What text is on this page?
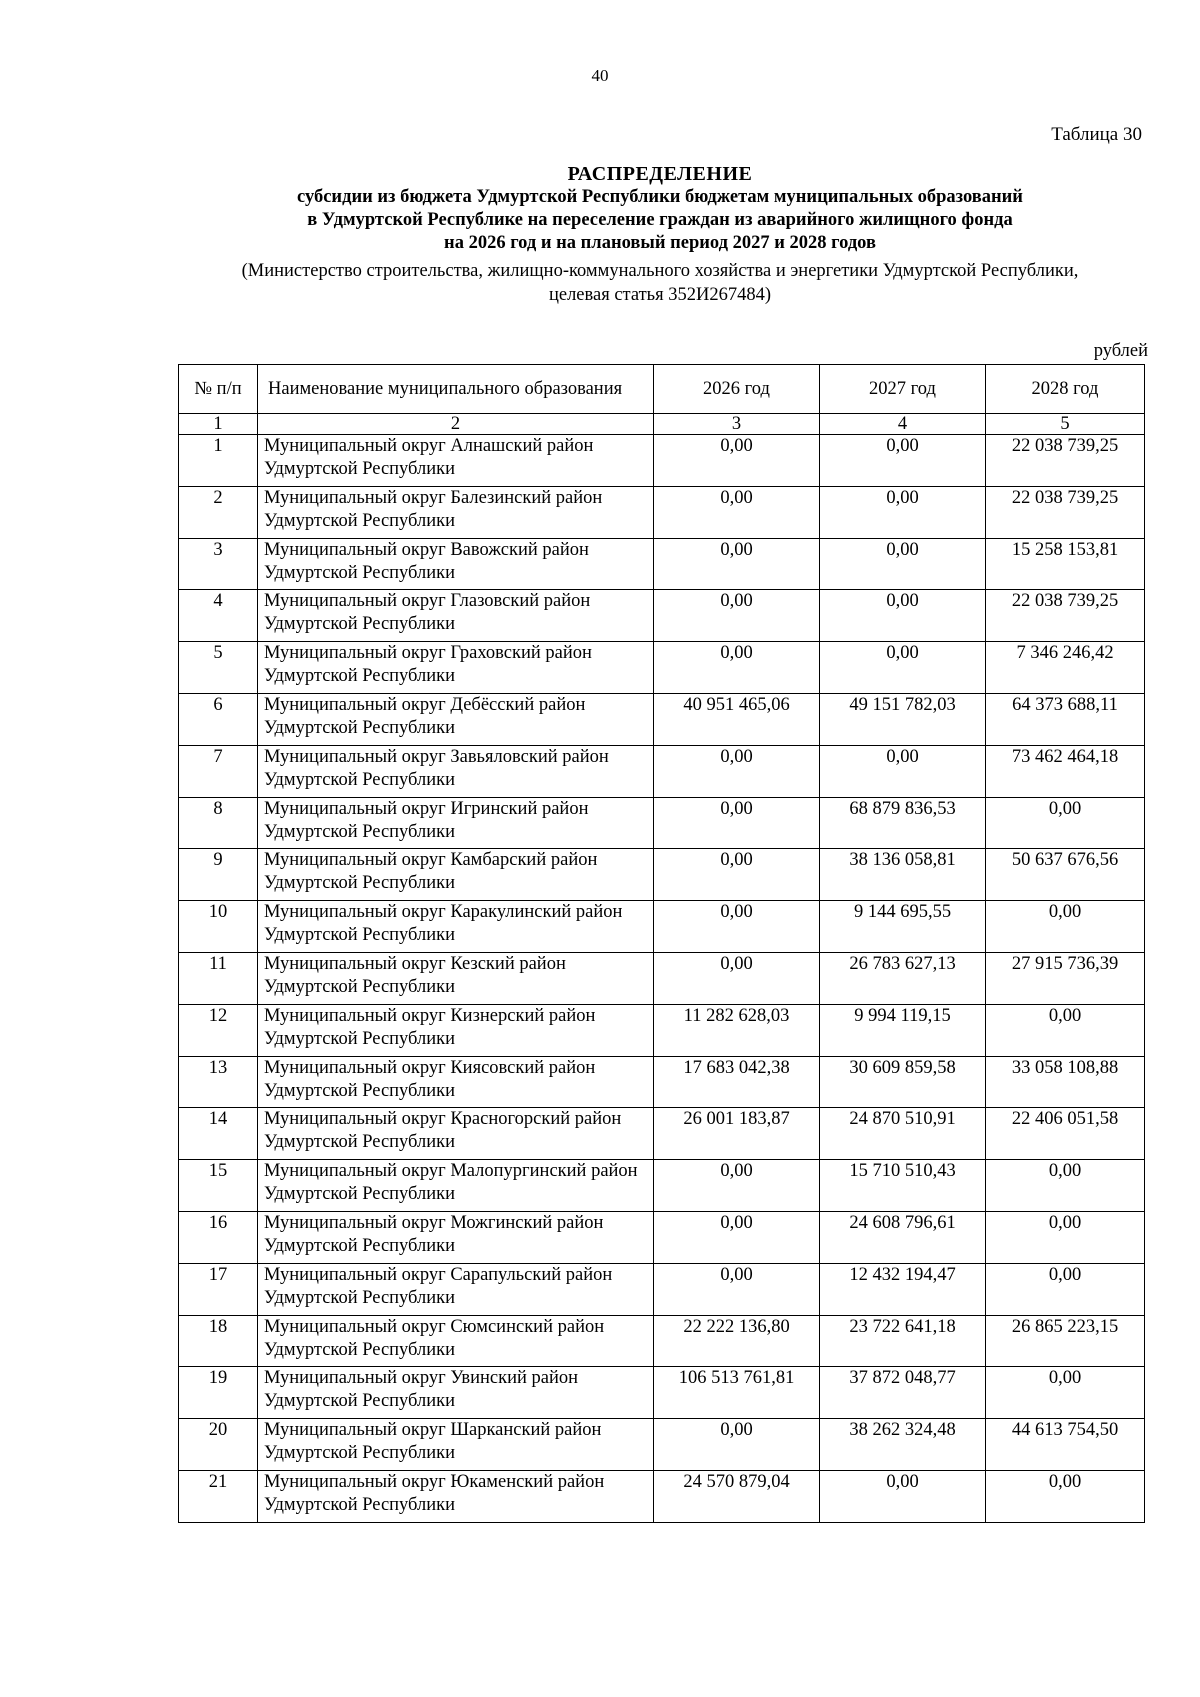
40
Таблица 30
РАСПРЕДЕЛЕНИЕ
субсидии из бюджета Удмуртской Республики бюджетам муниципальных образований
в Удмуртской Республике на переселение граждан из аварийного жилищного фонда
на 2026 год и на плановый период 2027 и 2028 годов
(Министерство строительства, жилищно-коммунального хозяйства и энергетики Удмуртской Республики,
целевая статья 352И267484)
рублей
№ п/п	Наименование муниципального образования	2026 год	2027 год	2028 год
1	2	3	4	5
1	Муниципальный округ Алнашский район Удмуртской Республики	0,00	0,00	22 038 739,25
2	Муниципальный округ Балезинский район Удмуртской Республики	0,00	0,00	22 038 739,25
3	Муниципальный округ Вавожский район Удмуртской Республики	0,00	0,00	15 258 153,81
4	Муниципальный округ Глазовский район Удмуртской Республики	0,00	0,00	22 038 739,25
5	Муниципальный округ Граховский район Удмуртской Республики	0,00	0,00	7 346 246,42
6	Муниципальный округ Дебёсский район Удмуртской Республики	40 951 465,06	49 151 782,03	64 373 688,11
7	Муниципальный округ Завьяловский район Удмуртской Республики	0,00	0,00	73 462 464,18
8	Муниципальный округ Игринский район Удмуртской Республики	0,00	68 879 836,53	0,00
9	Муниципальный округ Камбарский район Удмуртской Республики	0,00	38 136 058,81	50 637 676,56
10	Муниципальный округ Каракулинский район Удмуртской Республики	0,00	9 144 695,55	0,00
11	Муниципальный округ Кезский район Удмуртской Республики	0,00	26 783 627,13	27 915 736,39
12	Муниципальный округ Кизнерский район Удмуртской Республики	11 282 628,03	9 994 119,15	0,00
13	Муниципальный округ Киясовский район Удмуртской Республики	17 683 042,38	30 609 859,58	33 058 108,88
14	Муниципальный округ Красногорский район Удмуртской Республики	26 001 183,87	24 870 510,91	22 406 051,58
15	Муниципальный округ Малопургинский район Удмуртской Республики	0,00	15 710 510,43	0,00
16	Муниципальный округ Можгинский район Удмуртской Республики	0,00	24 608 796,61	0,00
17	Муниципальный округ Сарапульский район Удмуртской Республики	0,00	12 432 194,47	0,00
18	Муниципальный округ Сюмсинский район Удмуртской Республики	22 222 136,80	23 722 641,18	26 865 223,15
19	Муниципальный округ Увинский район Удмуртской Республики	106 513 761,81	37 872 048,77	0,00
20	Муниципальный округ Шарканский район Удмуртской Республики	0,00	38 262 324,48	44 613 754,50
21	Муниципальный округ Юкаменский район Удмуртской Республики	24 570 879,04	0,00	0,00
